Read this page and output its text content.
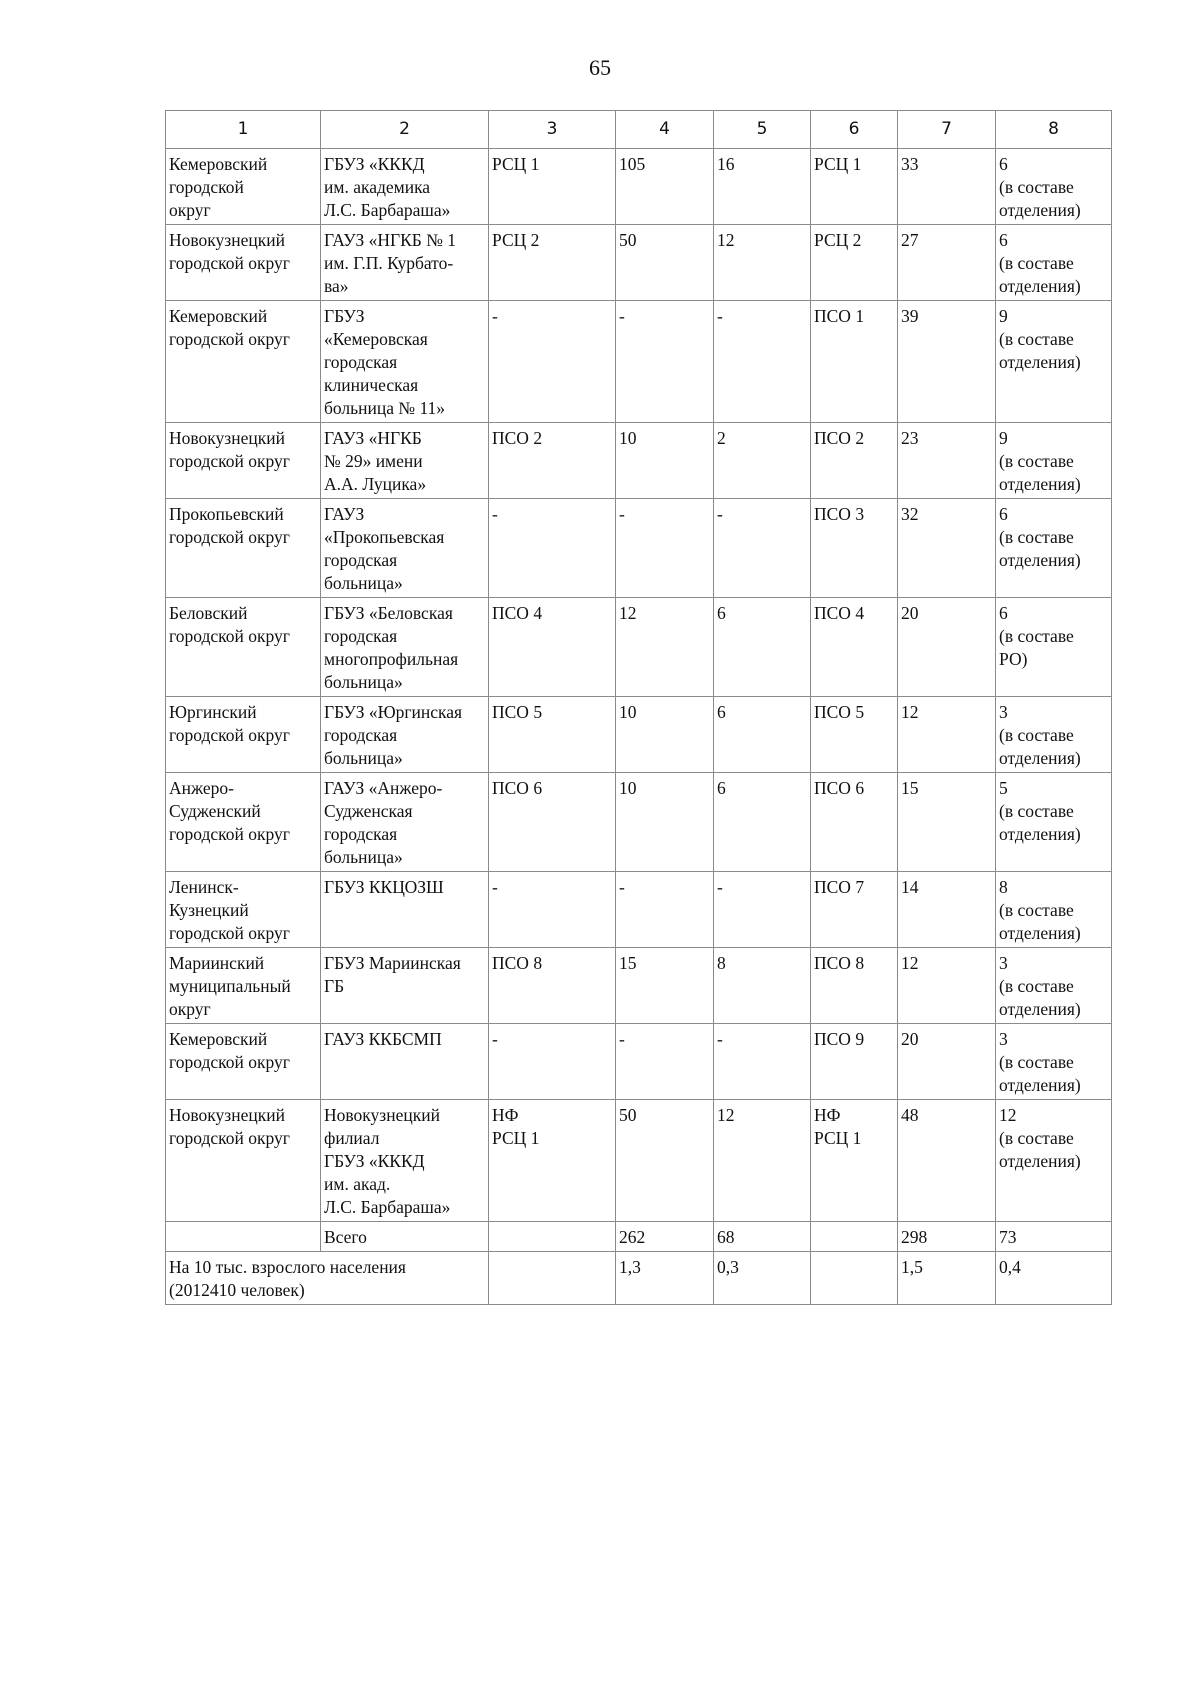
65
1	2	3	4	5	6	7	8

Кемеровский
городской
округ	ГБУЗ «КККД
им. академика
Л.С. Барбараша»	РСЦ 1	105	16	РСЦ 1	33	6
(в составе
отделения)

Новокузнецкий
городской округ	ГАУЗ «НГКБ № 1
им. Г.П. Курбато-
ва»	РСЦ 2	50	12	РСЦ 2	27	6
(в составе
отделения)

Кемеровский
городской округ	ГБУЗ
«Кемеровская
городская
клиническая
больница № 11»	-	-	-	ПСО 1	39	9
(в составе
отделения)

Новокузнецкий
городской округ	ГАУЗ «НГКБ
№ 29» имени
А.А. Луцика»	ПСО 2	10	2	ПСО 2	23	9
(в составе
отделения)

Прокопьевский
городской округ	ГАУЗ
«Прокопьевская
городская
больница»	-	-	-	ПСО 3	32	6
(в составе
отделения)

Беловский
городской округ	ГБУЗ «Беловская
городская
многопрофильная
больница»	ПСО 4	12	6	ПСО 4	20	6
(в составе
РО)

Юргинский
городской округ	ГБУЗ «Юргинская
городская
больница»	ПСО 5	10	6	ПСО 5	12	3
(в составе
отделения)

Анжеро-
Судженский
городской округ	ГАУЗ «Анжеро-
Судженская
городская
больница»	ПСО 6	10	6	ПСО 6	15	5
(в составе
отделения)

Ленинск-
Кузнецкий
городской округ	ГБУЗ ККЦОЗШ	-	-	-	ПСО 7	14	8
(в составе
отделения)

Мариинский
муниципальный
округ	ГБУЗ Мариинская
ГБ	ПСО 8	15	8	ПСО 8	12	3
(в составе
отделения)

Кемеровский
городской округ	ГАУЗ ККБСМП	-	-	-	ПСО 9	20	3
(в составе
отделения)

Новокузнецкий
городской округ	Новокузнецкий
филиал
ГБУЗ «КККД
им. акад.
Л.С. Барбараша»	НФ
РСЦ 1	50	12	НФ
РСЦ 1	48	12
(в составе
отделения)

	Всего		262	68		298	73

На 10 тыс. взрослого населения
(2012410 человек)			1,3	0,3		1,5	0,4
